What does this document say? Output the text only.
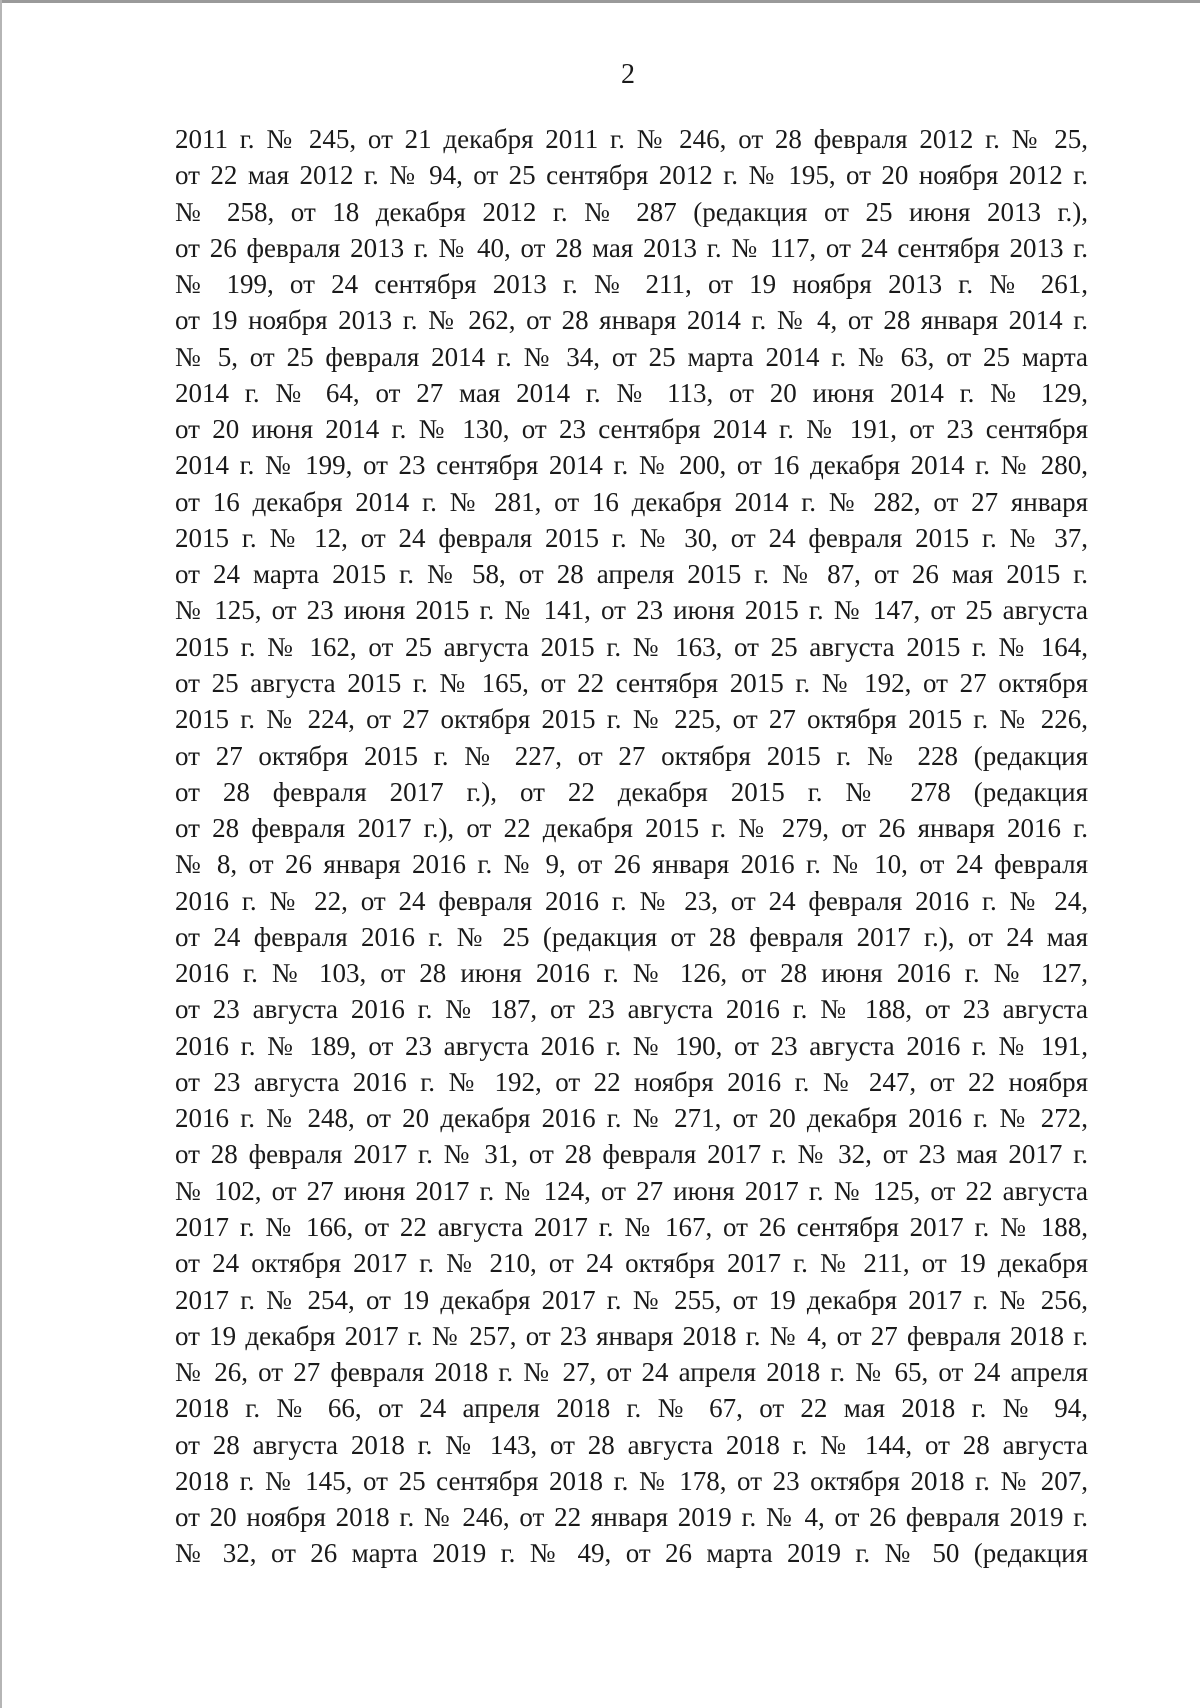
2
2011 г. № 245, от 21 декабря 2011 г. № 246, от 28 февраля 2012 г. № 25,
от 22 мая 2012 г. № 94, от 25 сентября 2012 г. № 195, от 20 ноября 2012 г.
№ 258, от 18 декабря 2012 г. № 287 (редакция от 25 июня 2013 г.),
от 26 февраля 2013 г. № 40, от 28 мая 2013 г. № 117, от 24 сентября 2013 г.
№ 199, от 24 сентября 2013 г. № 211, от 19 ноября 2013 г. № 261,
от 19 ноября 2013 г. № 262, от 28 января 2014 г. № 4, от 28 января 2014 г.
№ 5, от 25 февраля 2014 г. № 34, от 25 марта 2014 г. № 63, от 25 марта
2014 г. № 64, от 27 мая 2014 г. № 113, от 20 июня 2014 г. № 129,
от 20 июня 2014 г. № 130, от 23 сентября 2014 г. № 191, от 23 сентября
2014 г. № 199, от 23 сентября 2014 г. № 200, от 16 декабря 2014 г. № 280,
от 16 декабря 2014 г. № 281, от 16 декабря 2014 г. № 282, от 27 января
2015 г. № 12, от 24 февраля 2015 г. № 30, от 24 февраля 2015 г. № 37,
от 24 марта 2015 г. № 58, от 28 апреля 2015 г. № 87, от 26 мая 2015 г.
№ 125, от 23 июня 2015 г. № 141, от 23 июня 2015 г. № 147, от 25 августа
2015 г. № 162, от 25 августа 2015 г. № 163, от 25 августа 2015 г. № 164,
от 25 августа 2015 г. № 165, от 22 сентября 2015 г. № 192, от 27 октября
2015 г. № 224, от 27 октября 2015 г. № 225, от 27 октября 2015 г. № 226,
от 27 октября 2015 г. № 227, от 27 октября 2015 г. № 228 (редакция
от 28 февраля 2017 г.), от 22 декабря 2015 г. № 278 (редакция
от 28 февраля 2017 г.), от 22 декабря 2015 г. № 279, от 26 января 2016 г.
№ 8, от 26 января 2016 г. № 9, от 26 января 2016 г. № 10, от 24 февраля
2016 г. № 22, от 24 февраля 2016 г. № 23, от 24 февраля 2016 г. № 24,
от 24 февраля 2016 г. № 25 (редакция от 28 февраля 2017 г.), от 24 мая
2016 г. № 103, от 28 июня 2016 г. № 126, от 28 июня 2016 г. № 127,
от 23 августа 2016 г. № 187, от 23 августа 2016 г. № 188, от 23 августа
2016 г. № 189, от 23 августа 2016 г. № 190, от 23 августа 2016 г. № 191,
от 23 августа 2016 г. № 192, от 22 ноября 2016 г. № 247, от 22 ноября
2016 г. № 248, от 20 декабря 2016 г. № 271, от 20 декабря 2016 г. № 272,
от 28 февраля 2017 г. № 31, от 28 февраля 2017 г. № 32, от 23 мая 2017 г.
№ 102, от 27 июня 2017 г. № 124, от 27 июня 2017 г. № 125, от 22 августа
2017 г. № 166, от 22 августа 2017 г. № 167, от 26 сентября 2017 г. № 188,
от 24 октября 2017 г. № 210, от 24 октября 2017 г. № 211, от 19 декабря
2017 г. № 254, от 19 декабря 2017 г. № 255, от 19 декабря 2017 г. № 256,
от 19 декабря 2017 г. № 257, от 23 января 2018 г. № 4, от 27 февраля 2018 г.
№ 26, от 27 февраля 2018 г. № 27, от 24 апреля 2018 г. № 65, от 24 апреля
2018 г. № 66, от 24 апреля 2018 г. № 67, от 22 мая 2018 г. № 94,
от 28 августа 2018 г. № 143, от 28 августа 2018 г. № 144, от 28 августа
2018 г. № 145, от 25 сентября 2018 г. № 178, от 23 октября 2018 г. № 207,
от 20 ноября 2018 г. № 246, от 22 января 2019 г. № 4, от 26 февраля 2019 г.
№ 32, от 26 марта 2019 г. № 49, от 26 марта 2019 г. № 50 (редакция
